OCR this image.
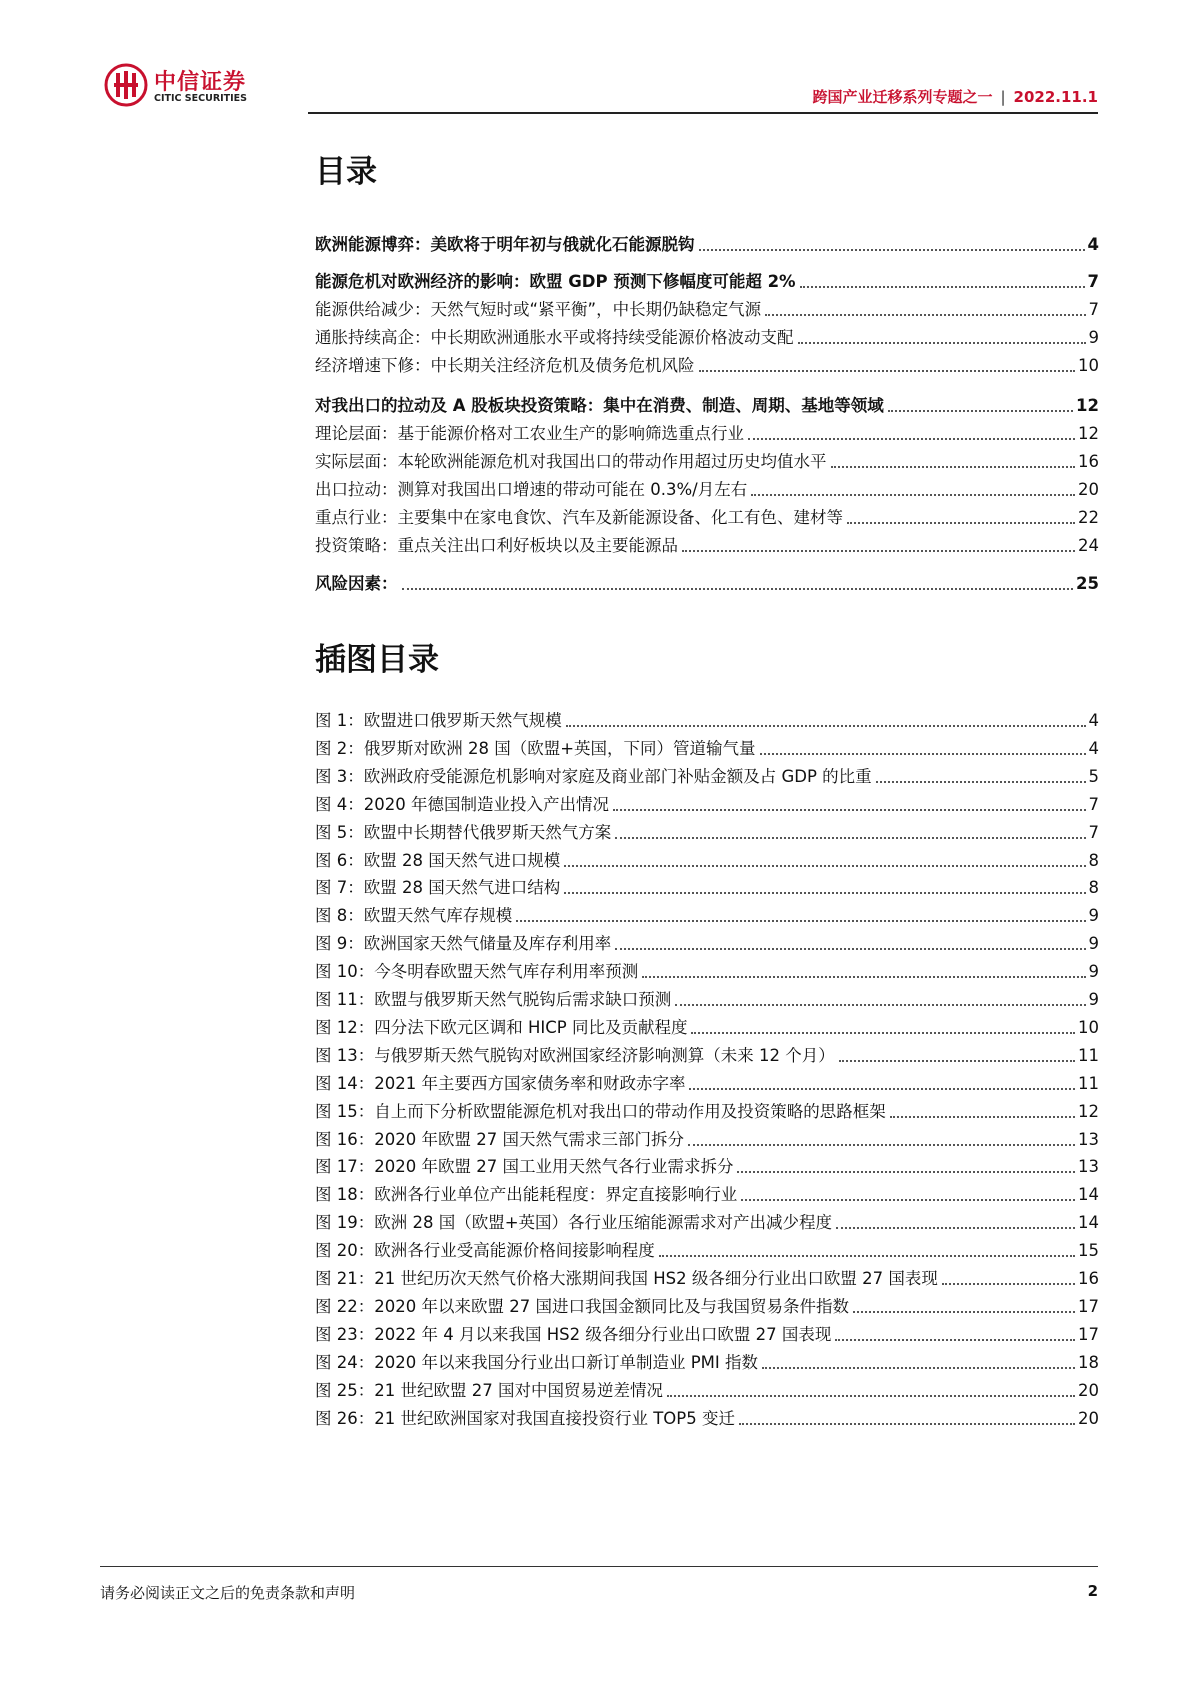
中信证券
CITIC SECURITIES	跨国产业迁移系列专题之一 | 2022.11.1
目录
欧洲能源博弈：美欧将于明年初与俄就化石能源脱钩	4
能源危机对欧洲经济的影响：欧盟 GDP 预测下修幅度可能超 2%	7
能源供给减少：天然气短时或“紧平衡”，中长期仍缺稳定气源	7
通胀持续高企：中长期欧洲通胀水平或将持续受能源价格波动支配	9
经济增速下修：中长期关注经济危机及债务危机风险	10
对我出口的拉动及 A 股板块投资策略：集中在消费、制造、周期、基地等领域	12
理论层面：基于能源价格对工农业生产的影响筛选重点行业	12
实际层面：本轮欧洲能源危机对我国出口的带动作用超过历史均值水平	16
出口拉动：测算对我国出口增速的带动可能在 0.3%/月左右	20
重点行业：主要集中在家电食饮、汽车及新能源设备、化工有色、建材等	22
投资策略：重点关注出口利好板块以及主要能源品	24
风险因素：	25
插图目录
图 1：欧盟进口俄罗斯天然气规模	4
图 2：俄罗斯对欧洲 28 国（欧盟+英国，下同）管道输气量	4
图 3：欧洲政府受能源危机影响对家庭及商业部门补贴金额及占 GDP 的比重	5
图 4：2020 年德国制造业投入产出情况	7
图 5：欧盟中长期替代俄罗斯天然气方案	7
图 6：欧盟 28 国天然气进口规模	8
图 7：欧盟 28 国天然气进口结构	8
图 8：欧盟天然气库存规模	9
图 9：欧洲国家天然气储量及库存利用率	9
图 10：今冬明春欧盟天然气库存利用率预测	9
图 11：欧盟与俄罗斯天然气脱钩后需求缺口预测	9
图 12：四分法下欧元区调和 HICP 同比及贡献程度	10
图 13：与俄罗斯天然气脱钩对欧洲国家经济影响测算（未来 12 个月）	11
图 14：2021 年主要西方国家债务率和财政赤字率	11
图 15：自上而下分析欧盟能源危机对我出口的带动作用及投资策略的思路框架	12
图 16：2020 年欧盟 27 国天然气需求三部门拆分	13
图 17：2020 年欧盟 27 国工业用天然气各行业需求拆分	13
图 18：欧洲各行业单位产出能耗程度：界定直接影响行业	14
图 19：欧洲 28 国（欧盟+英国）各行业压缩能源需求对产出减少程度	14
图 20：欧洲各行业受高能源价格间接影响程度	15
图 21：21 世纪历次天然气价格大涨期间我国 HS2 级各细分行业出口欧盟 27 国表现	16
图 22：2020 年以来欧盟 27 国进口我国金额同比及与我国贸易条件指数	17
图 23：2022 年 4 月以来我国 HS2 级各细分行业出口欧盟 27 国表现	17
图 24：2020 年以来我国分行业出口新订单制造业 PMI 指数	18
图 25：21 世纪欧盟 27 国对中国贸易逆差情况	20
图 26：21 世纪欧洲国家对我国直接投资行业 TOP5 变迁	20
请务必阅读正文之后的免责条款和声明	2
